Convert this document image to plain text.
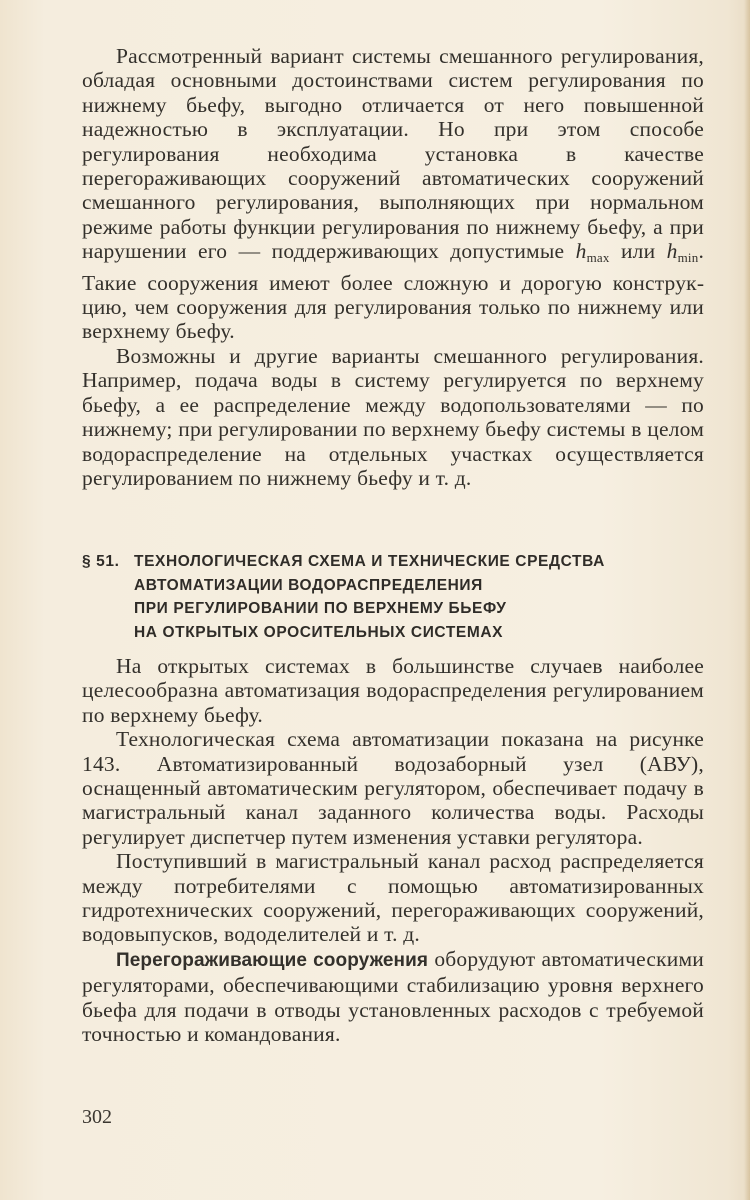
Рассмотренный вариант системы смешанного регулирования, обладая основными достоинствами систем регулирования по нижнему бьефу, выгодно отличается от него повышенной надежностью в эксплуатации. Но при этом способе регулирования необходима установка в качестве перегораживающих сооружений автоматических сооружений смешанного регулирования, выполняющих при нормальном режиме работы функции регулирования по нижнему бьефу, а при нарушении его — поддерживающих допустимые $h_{max}$ или $h_{min}$. Такие сооружения имеют более сложную и дорогую конструкцию, чем сооружения для регулирования только по нижнему или верхнему бьефу.

Возможны и другие варианты смешанного регулирования. Например, подача воды в систему регулируется по верхнему бьефу, а ее распределение между водопользователями — по нижнему; при регулировании по верхнему бьефу системы в целом водораспределение на отдельных участках осуществляется регулированием по нижнему бьефу и т. д.

§ 51. ТЕХНОЛОГИЧЕСКАЯ СХЕМА И ТЕХНИЧЕСКИЕ СРЕДСТВА
АВТОМАТИЗАЦИИ ВОДОРАСПРЕДЕЛЕНИЯ
ПРИ РЕГУЛИРОВАНИИ ПО ВЕРХНЕМУ БЬЕФУ
НА ОТКРЫТЫХ ОРОСИТЕЛЬНЫХ СИСТЕМАХ

На открытых системах в большинстве случаев наиболее целесообразна автоматизация водораспределения регулированием по верхнему бьефу.

Технологическая схема автоматизации показана на рисунке 143. Автоматизированный водозаборный узел (АВУ), оснащенный автоматическим регулятором, обеспечивает подачу в магистральный канал заданного количества воды. Расходы регулирует диспетчер путем изменения уставки регулятора.

Поступивший в магистральный канал расход распределяется между потребителями с помощью автоматизированных гидротехнических сооружений, перегораживающих сооружений, водовыпусков, вододелителей и т. д.

Перегораживающие сооружения оборудуют автоматическими регуляторами, обеспечивающими стабилизацию уровня верхнего бьефа для подачи в отводы установленных расходов с требуемой точностью и командования.

302
